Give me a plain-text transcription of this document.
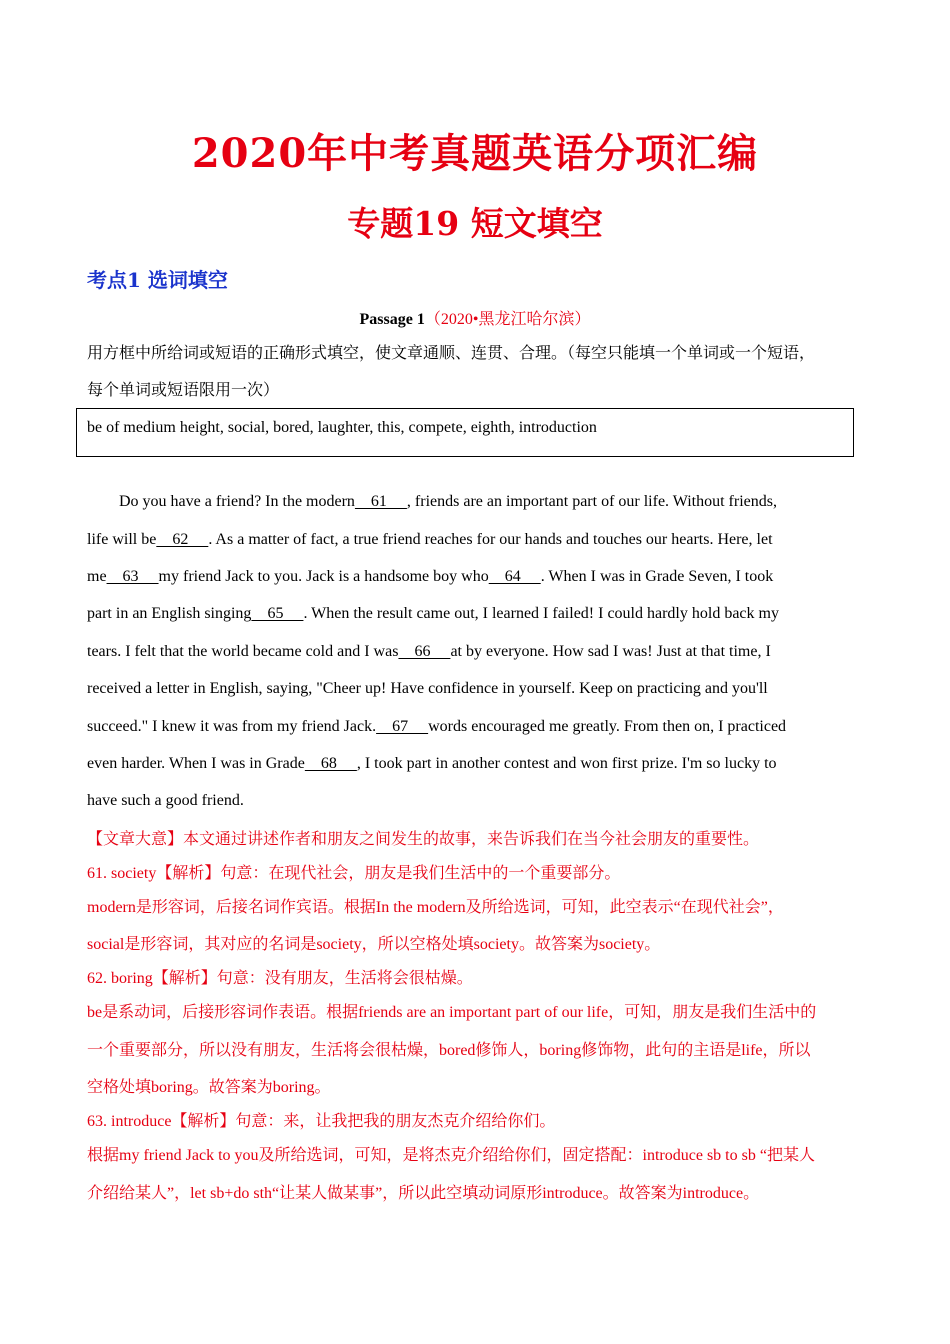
2020年中考真题英语分项汇编
专题19 短文填空
考点1 选词填空
Passage 1（2020•黑龙江哈尔滨）
用方框中所给词或短语的正确形式填空，使文章通顺、连贯、合理。（每空只能填一个单词或一个短语，
每个单词或短语限用一次）
be of medium height, social, bored, laughter, this, compete, eighth, introduction
Do you have a friend? In the modern    61     , friends are an important part of our life. Without friends,
life will be    62     . As a matter of fact, a true friend reaches for our hands and touches our hearts. Here, let
me    63     my friend Jack to you. Jack is a handsome boy who    64     . When I was in Grade Seven, I took
part in an English singing    65     . When the result came out, I learned I failed! I could hardly hold back my
tears. I felt that the world became cold and I was    66     at by everyone. How sad I was! Just at that time, I
received a letter in English, saying, "Cheer up! Have confidence in yourself. Keep on practicing and you'll
succeed." I knew it was from my friend Jack.    67     words encouraged me greatly. From then on, I practiced
even harder. When I was in Grade    68     , I took part in another contest and won first prize. I'm so lucky to
have such a good friend.
【文章大意】本文通过讲述作者和朋友之间发生的故事，来告诉我们在当今社会朋友的重要性。
61. society【解析】句意：在现代社会，朋友是我们生活中的一个重要部分。
modern是形容词，后接名词作宾语。根据In the modern及所给选词，可知，此空表示“在现代社会”，
social是形容词，其对应的名词是society，所以空格处填society。故答案为society。
62. boring【解析】句意：没有朋友，生活将会很枯燥。
be是系动词，后接形容词作表语。根据friends are an important part of our life，可知，朋友是我们生活中的
一个重要部分，所以没有朋友，生活将会很枯燥，bored修饰人，boring修饰物，此句的主语是life，所以
空格处填boring。故答案为boring。
63. introduce【解析】句意：来，让我把我的朋友杰克介绍给你们。
根据my friend Jack to you及所给选词，可知，是将杰克介绍给你们，固定搭配：introduce sb to sb “把某人
介绍给某人”，let sb+do sth“让某人做某事”，所以此空填动词原形introduce。故答案为introduce。
